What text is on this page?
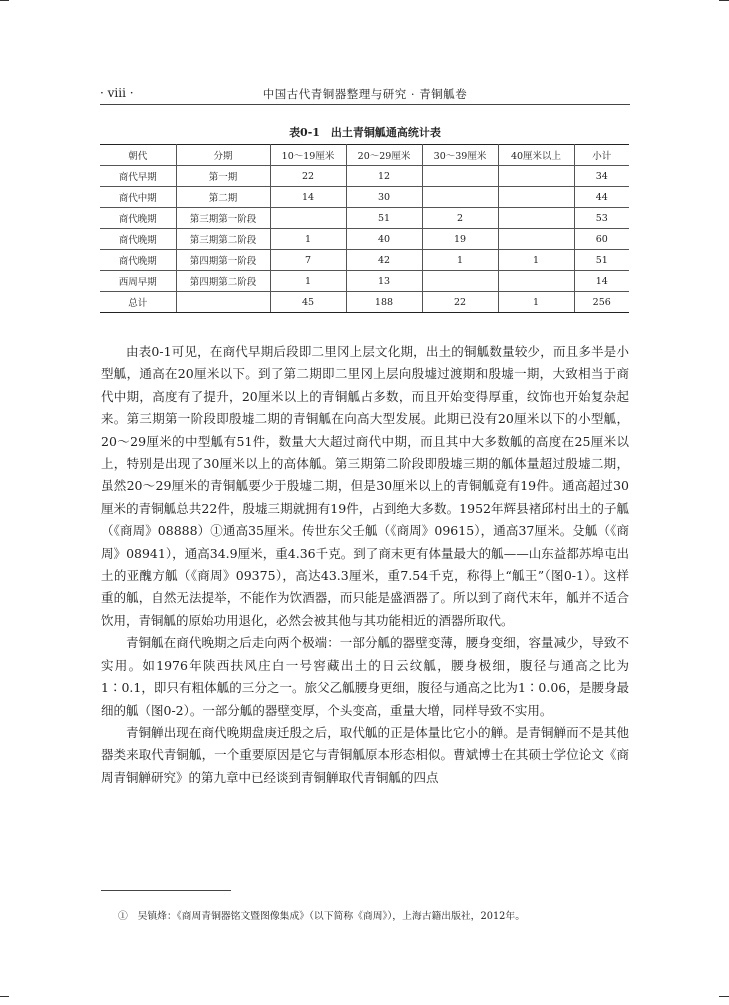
· viii ·	中国古代青铜器整理与研究 · 青铜觚卷
表0-1　出土青铜觚通高统计表
朝代	分期	10～19厘米	20～29厘米	30～39厘米	40厘米以上	小计
商代早期	第一期	22	12			34
商代中期	第二期	14	30			44
商代晚期	第三期第一阶段		51	2		53
商代晚期	第三期第二阶段	1	40	19		60
商代晚期	第四期第一阶段	7	42	1	1	51
西周早期	第四期第二阶段	1	13			14
总计		45	188	22	1	256

由表0-1可见，在商代早期后段即二里冈上层文化期，出土的铜觚数量较少，而且多半是小型觚，通高在20厘米以下。到了第二期即二里冈上层向殷墟过渡期和殷墟一期，大致相当于商代中期，高度有了提升，20厘米以上的青铜觚占多数，而且开始变得厚重，纹饰也开始复杂起来。第三期第一阶段即殷墟二期的青铜觚在向高大型发展。此期已没有20厘米以下的小型觚，20～29厘米的中型觚有51件，数量大大超过商代中期，而且其中大多数觚的高度在25厘米以上，特别是出现了30厘米以上的高体觚。第三期第二阶段即殷墟三期的觚体量超过殷墟二期，虽然20～29厘米的青铜觚要少于殷墟二期，但是30厘米以上的青铜觚竟有19件。通高超过30厘米的青铜觚总共22件，殷墟三期就拥有19件，占到绝大多数。1952年辉县褚邱村出土的子觚（《商周》08888）①通高35厘米。传世东父壬觚（《商周》09615），通高37厘米。殳觚（《商周》08941），通高34.9厘米，重4.36千克。到了商末更有体量最大的觚——山东益都苏埠屯出土的亚醜方觚（《商周》09375），高达43.3厘米，重7.54千克，称得上“觚王”（图0-1）。这样重的觚，自然无法提举，不能作为饮酒器，而只能是盛酒器了。所以到了商代末年，觚并不适合饮用，青铜觚的原始功用退化，必然会被其他与其功能相近的酒器所取代。

青铜觚在商代晚期之后走向两个极端：一部分觚的器壁变薄，腰身变细，容量减少，导致不实用。如1976年陕西扶风庄白一号窖藏出土的日云纹觚，腰身极细，腹径与通高之比为1∶0.1，即只有粗体觚的三分之一。旅父乙觚腰身更细，腹径与通高之比为1∶0.06，是腰身最细的觚（图0-2）。一部分觚的器壁变厚，个头变高，重量大增，同样导致不实用。

青铜觯出现在商代晚期盘庚迁殷之后，取代觚的正是体量比它小的觯。是青铜觯而不是其他器类来取代青铜觚，一个重要原因是它与青铜觚原本形态相似。曹斌博士在其硕士学位论文《商周青铜觯研究》的第九章中已经谈到青铜觯取代青铜觚的四点

①　吴镇烽：《商周青铜器铭文暨图像集成》（以下简称《商周》），上海古籍出版社，2012年。
